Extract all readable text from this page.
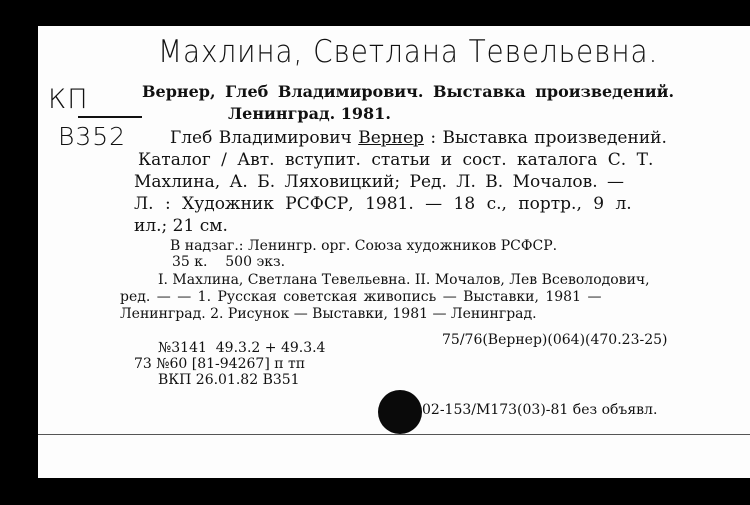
Махлина, Светлана Тевельевна.
КП
В352
Вернер, Глеб Владимирович. Выставка произведений.
Ленинград. 1981.
Глеб Владимирович Вернер : Выставка произведений.
Каталог / Авт. вступит. статьи и сост. каталога С. Т.
Махлина, А. Б. Ляховицкий; Ред. Л. В. Мочалов. —
Л. : Художник РСФСР, 1981. — 18 с., портр., 9 л.
ил.; 21 см.
В надзаг.: Ленингр. орг. Союза художников РСФСР.
35 к.    500 экз.
I. Махлина, Светлана Тевельевна. II. Мочалов, Лев Всеволодович,
ред. — — 1. Русская советская живопись — Выставки, 1981 —
Ленинград. 2. Рисунок — Выставки, 1981 — Ленинград.
75/76(Вернер)(064)(470.23-25)
№3141  49.3.2 + 49.3.4
73 №60 [81-94267] п тп
ВКП 26.01.82 В351
02-153/М173(03)-81 без объявл.
